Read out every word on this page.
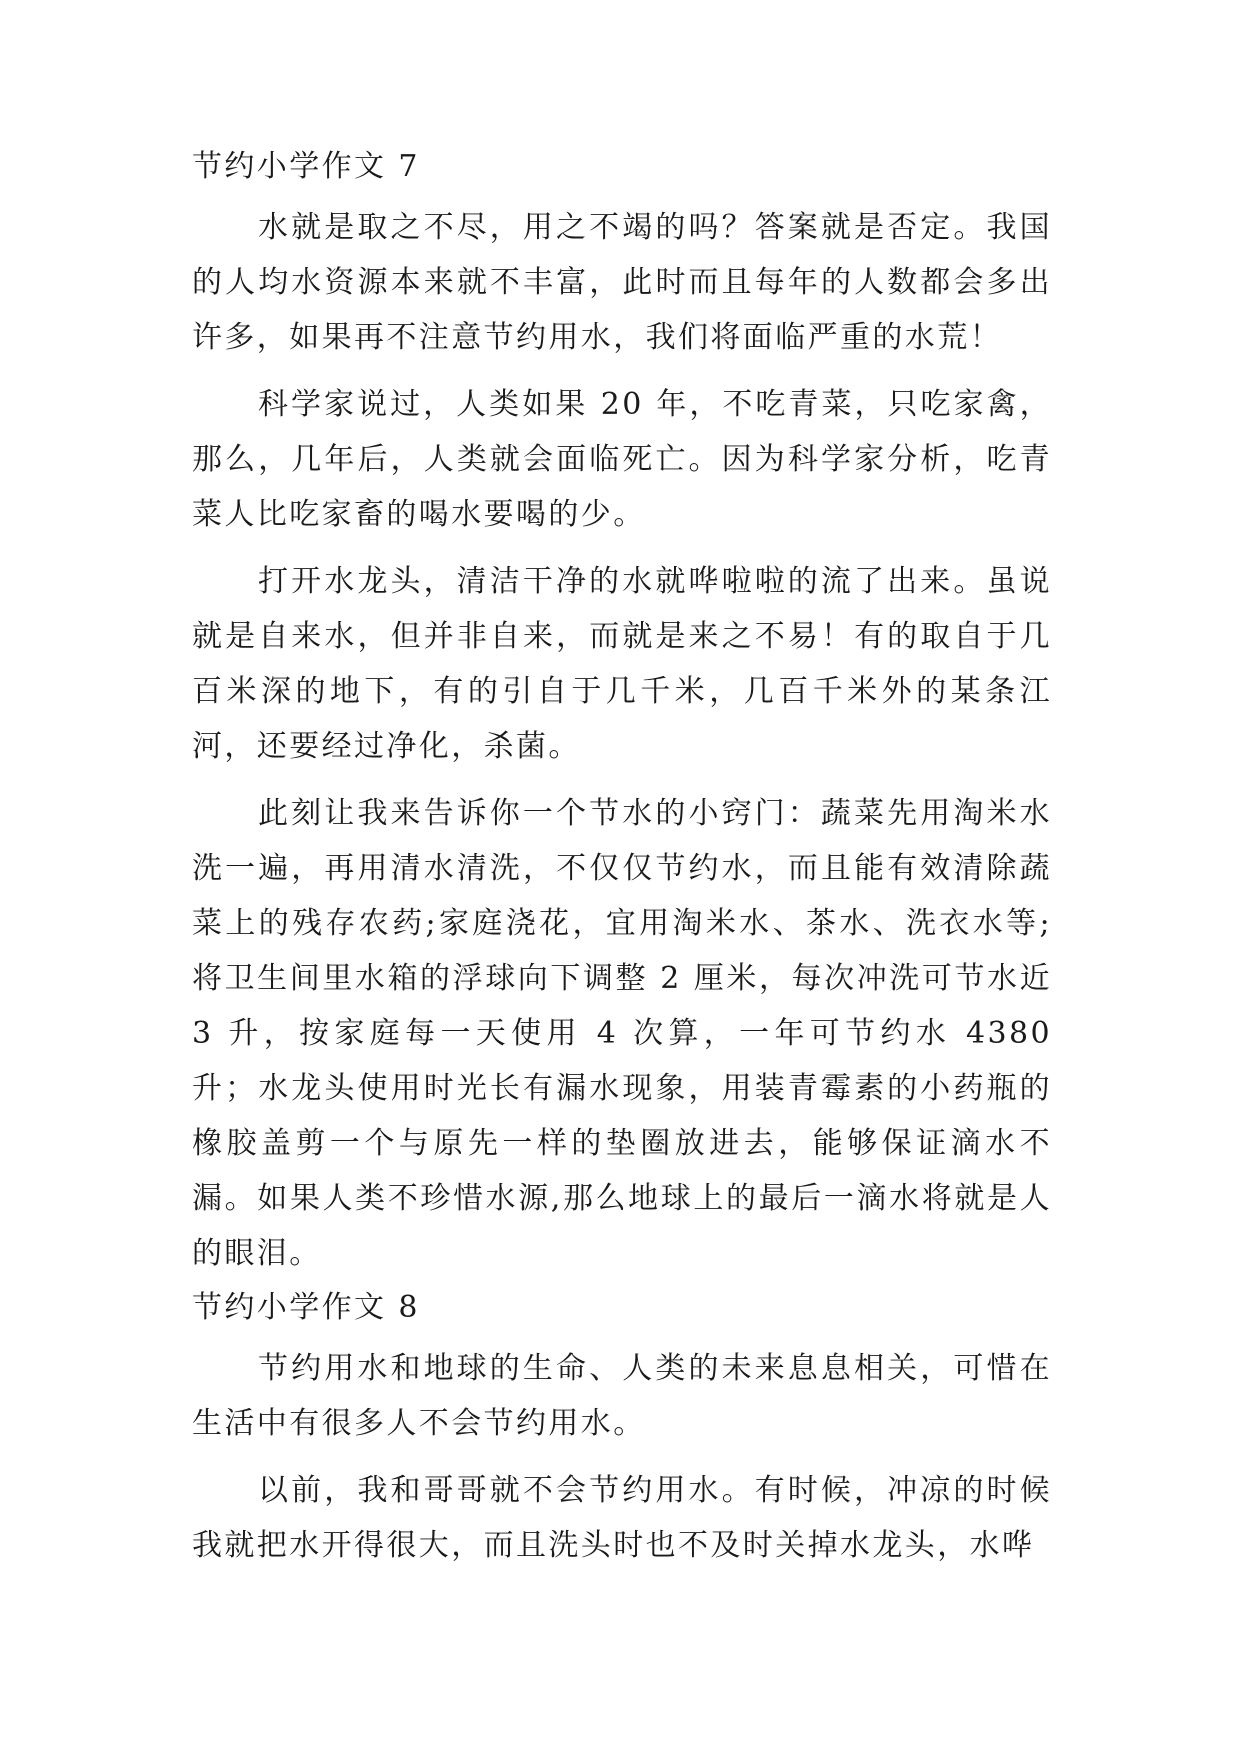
节约小学作文 7

水就是取之不尽，用之不竭的吗？答案就是否定。我国的人均水资源本来就不丰富，此时而且每年的人数都会多出许多，如果再不注意节约用水，我们将面临严重的水荒！

科学家说过，人类如果 20 年，不吃青菜，只吃家禽，那么，几年后，人类就会面临死亡。因为科学家分析，吃青菜人比吃家畜的喝水要喝的少。

打开水龙头，清洁干净的水就哗啦啦的流了出来。虽说就是自来水，但并非自来，而就是来之不易！有的取自于几百米深的地下，有的引自于几千米，几百千米外的某条江河，还要经过净化，杀菌。

此刻让我来告诉你一个节水的小窍门：蔬菜先用淘米水洗一遍，再用清水清洗，不仅仅节约水，而且能有效清除蔬菜上的残存农药;家庭浇花，宜用淘米水、茶水、洗衣水等;将卫生间里水箱的浮球向下调整 2 厘米，每次冲洗可节水近 3 升，按家庭每一天使用 4 次算，一年可节约水 4380 升；水龙头使用时光长有漏水现象，用装青霉素的小药瓶的橡胶盖剪一个与原先一样的垫圈放进去，能够保证滴水不漏。如果人类不珍惜水源,那么地球上的最后一滴水将就是人的眼泪。

节约小学作文 8

节约用水和地球的生命、人类的未来息息相关，可惜在生活中有很多人不会节约用水。

以前，我和哥哥就不会节约用水。有时候，冲凉的时候我就把水开得很大，而且洗头时也不及时关掉水龙头，水哗
